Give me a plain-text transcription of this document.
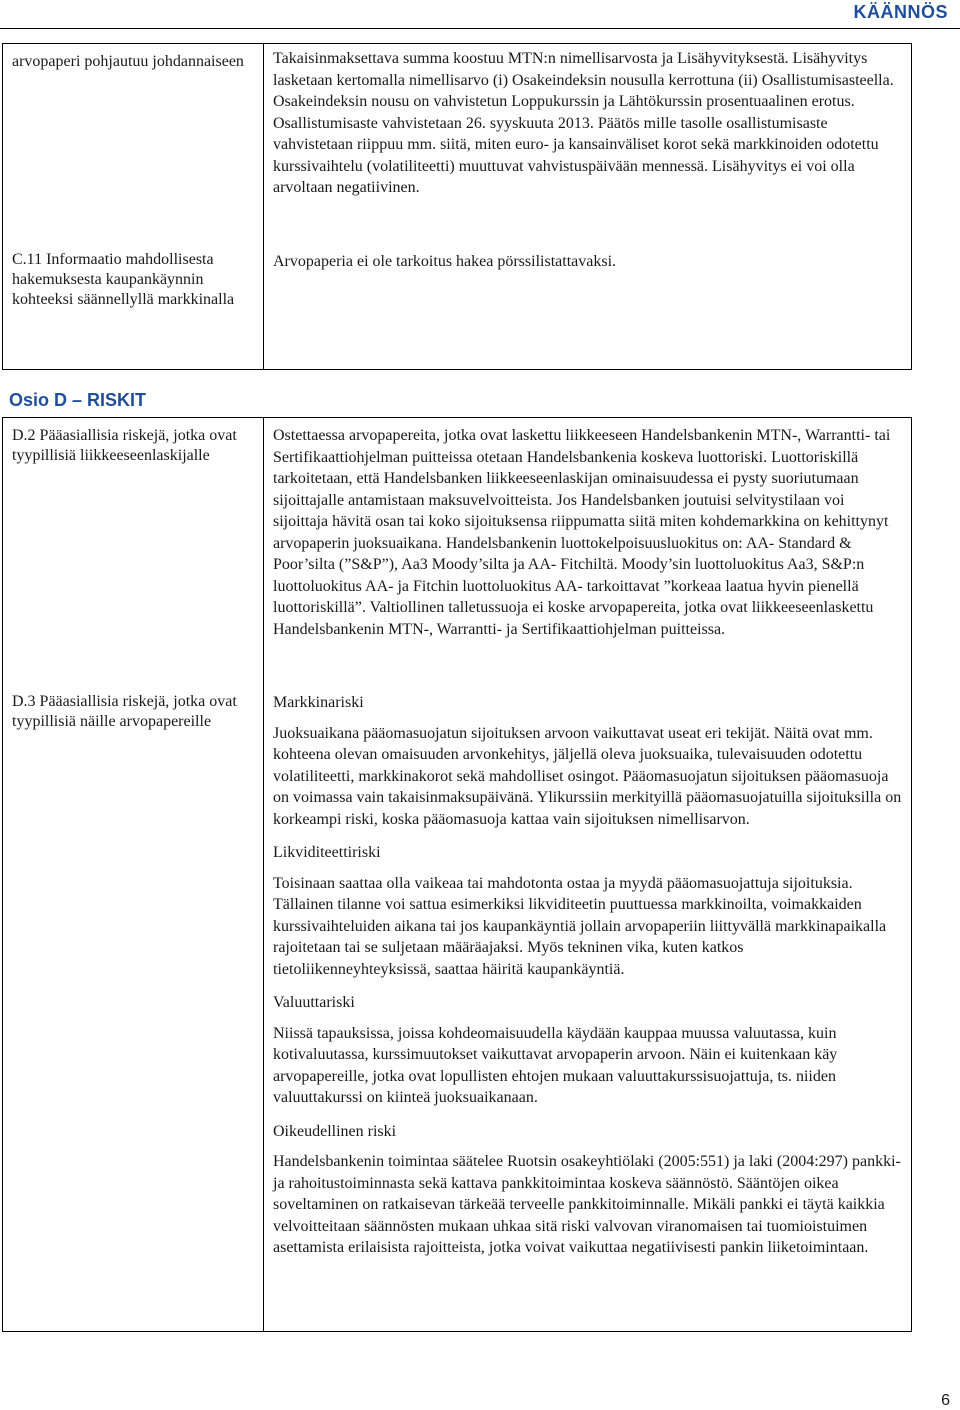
KÄÄNNÖS
arvopaperi pohjautuu johdannaiseen	Takaisinmaksettava summa koostuu MTN:n nimellisarvosta ja Lisähyvityksestä. Lisähyvitys lasketaan kertomalla nimellisarvo (i) Osakeindeksin nousulla kerrottuna (ii) Osallistumisasteella. Osakeindeksin nousu on vahvistetun Loppukurssin ja Lähtökurssin prosentuaalinen erotus. Osallistumisaste vahvistetaan 26. syyskuuta 2013. Päätös mille tasolle osallistumisaste vahvistetaan riippuu mm. siitä, miten euro- ja kansainväliset korot sekä markkinoiden odotettu kurssivaihtelu (volatiliteetti) muuttuvat vahvistuspäivään mennessä. Lisähyvitys ei voi olla arvoltaan negatiivinen.

C.11 Informaatio mahdollisesta hakemuksesta kaupankäynnin kohteeksi säännellyllä markkinalla

Arvopaperia ei ole tarkoitus hakea pörssilistattavaksi.

Osio D – RISKIT
D.2 Pääasiallisia riskejä, jotka ovat tyypillisiä liikkeeseenlaskijalle

Ostettaessa arvopapereita, jotka ovat laskettu liikkeeseen Handelsbankenin MTN-, Warrantti- tai Sertifikaattiohjelman puitteissa otetaan Handelsbankenia koskeva luottoriski. Luottoriskillä tarkoitetaan, että Handelsbanken liikkeeseenlaskijan ominaisuudessa ei pysty suoriutumaan sijoittajalle antamistaan maksuvelvoitteista. Jos Handelsbanken joutuisi selvitystilaan voi sijoittaja hävitä osan tai koko sijoituksensa riippumatta siitä miten kohdemarkkina on kehittynyt arvopaperin juoksuaikana. Handelsbankenin luottokelpoisuusluokitus on: AA- Standard & Poor’silta (”S&P”), Aa3 Moody’silta ja AA- Fitchiltä. Moody’sin luottoluokitus Aa3, S&P:n luottoluokitus AA- ja Fitchin luottoluokitus AA- tarkoittavat ”korkeaa laatua hyvin pienellä luottoriskillä”. Valtiollinen talletussuoja ei koske arvopapereita, jotka ovat liikkeeseenlaskettu Handelsbankenin MTN-, Warrantti- ja Sertifikaattiohjelman puitteissa.

D.3 Pääasiallisia riskejä, jotka ovat tyypillisiä näille arvopapereille

Markkinariski

Juoksuaikana pääomasuojatun sijoituksen arvoon vaikuttavat useat eri tekijät. Näitä ovat mm. kohteena olevan omaisuuden arvonkehitys, jäljellä oleva juoksuaika, tulevaisuuden odotettu volatiliteetti, markkinakorot sekä mahdolliset osingot. Pääomasuojatun sijoituksen pääomasuoja on voimassa vain takaisinmaksupäivänä. Ylikurssiin merkityillä pääomasuojatuilla sijoituksilla on korkeampi riski, koska pääomasuoja kattaa vain sijoituksen nimellisarvon.

Likviditeettiriski

Toisinaan saattaa olla vaikeaa tai mahdotonta ostaa ja myydä pääomasuojattuja sijoituksia. Tällainen tilanne voi sattua esimerkiksi likviditeetin puuttuessa markkinoilta, voimakkaiden kurssivaihteluiden aikana tai jos kaupankäyntiä jollain arvopaperiin liittyvällä markkinapaikalla rajoitetaan tai se suljetaan määräajaksi. Myös tekninen vika, kuten katkos tietoliikenneyhteyksissä, saattaa häiritä kaupankäyntiä.

Valuuttariski

Niissä tapauksissa, joissa kohdeomaisuudella käydään kauppaa muussa valuutassa, kuin kotivaluutassa, kurssimuutokset vaikuttavat arvopaperin arvoon. Näin ei kuitenkaan käy arvopapereille, jotka ovat lopullisten ehtojen mukaan valuuttakurssisuojattuja, ts. niiden valuuttakurssi on kiinteä juoksuaikanaan.

Oikeudellinen riski

Handelsbankenin toimintaa säätelee Ruotsin osakeyhtiölaki (2005:551) ja laki (2004:297) pankki- ja rahoitustoiminnasta sekä kattava pankkitoimintaa koskeva säännöstö. Sääntöjen oikea soveltaminen on ratkaisevan tärkeää terveelle pankkitoiminnalle. Mikäli pankki ei täytä kaikkia velvoitteitaan säännösten mukaan uhkaa sitä riski valvovan viranomaisen tai tuomioistuimen asettamista erilaisista rajoitteista, jotka voivat vaikuttaa negatiivisesti pankin liiketoimintaan.

6
